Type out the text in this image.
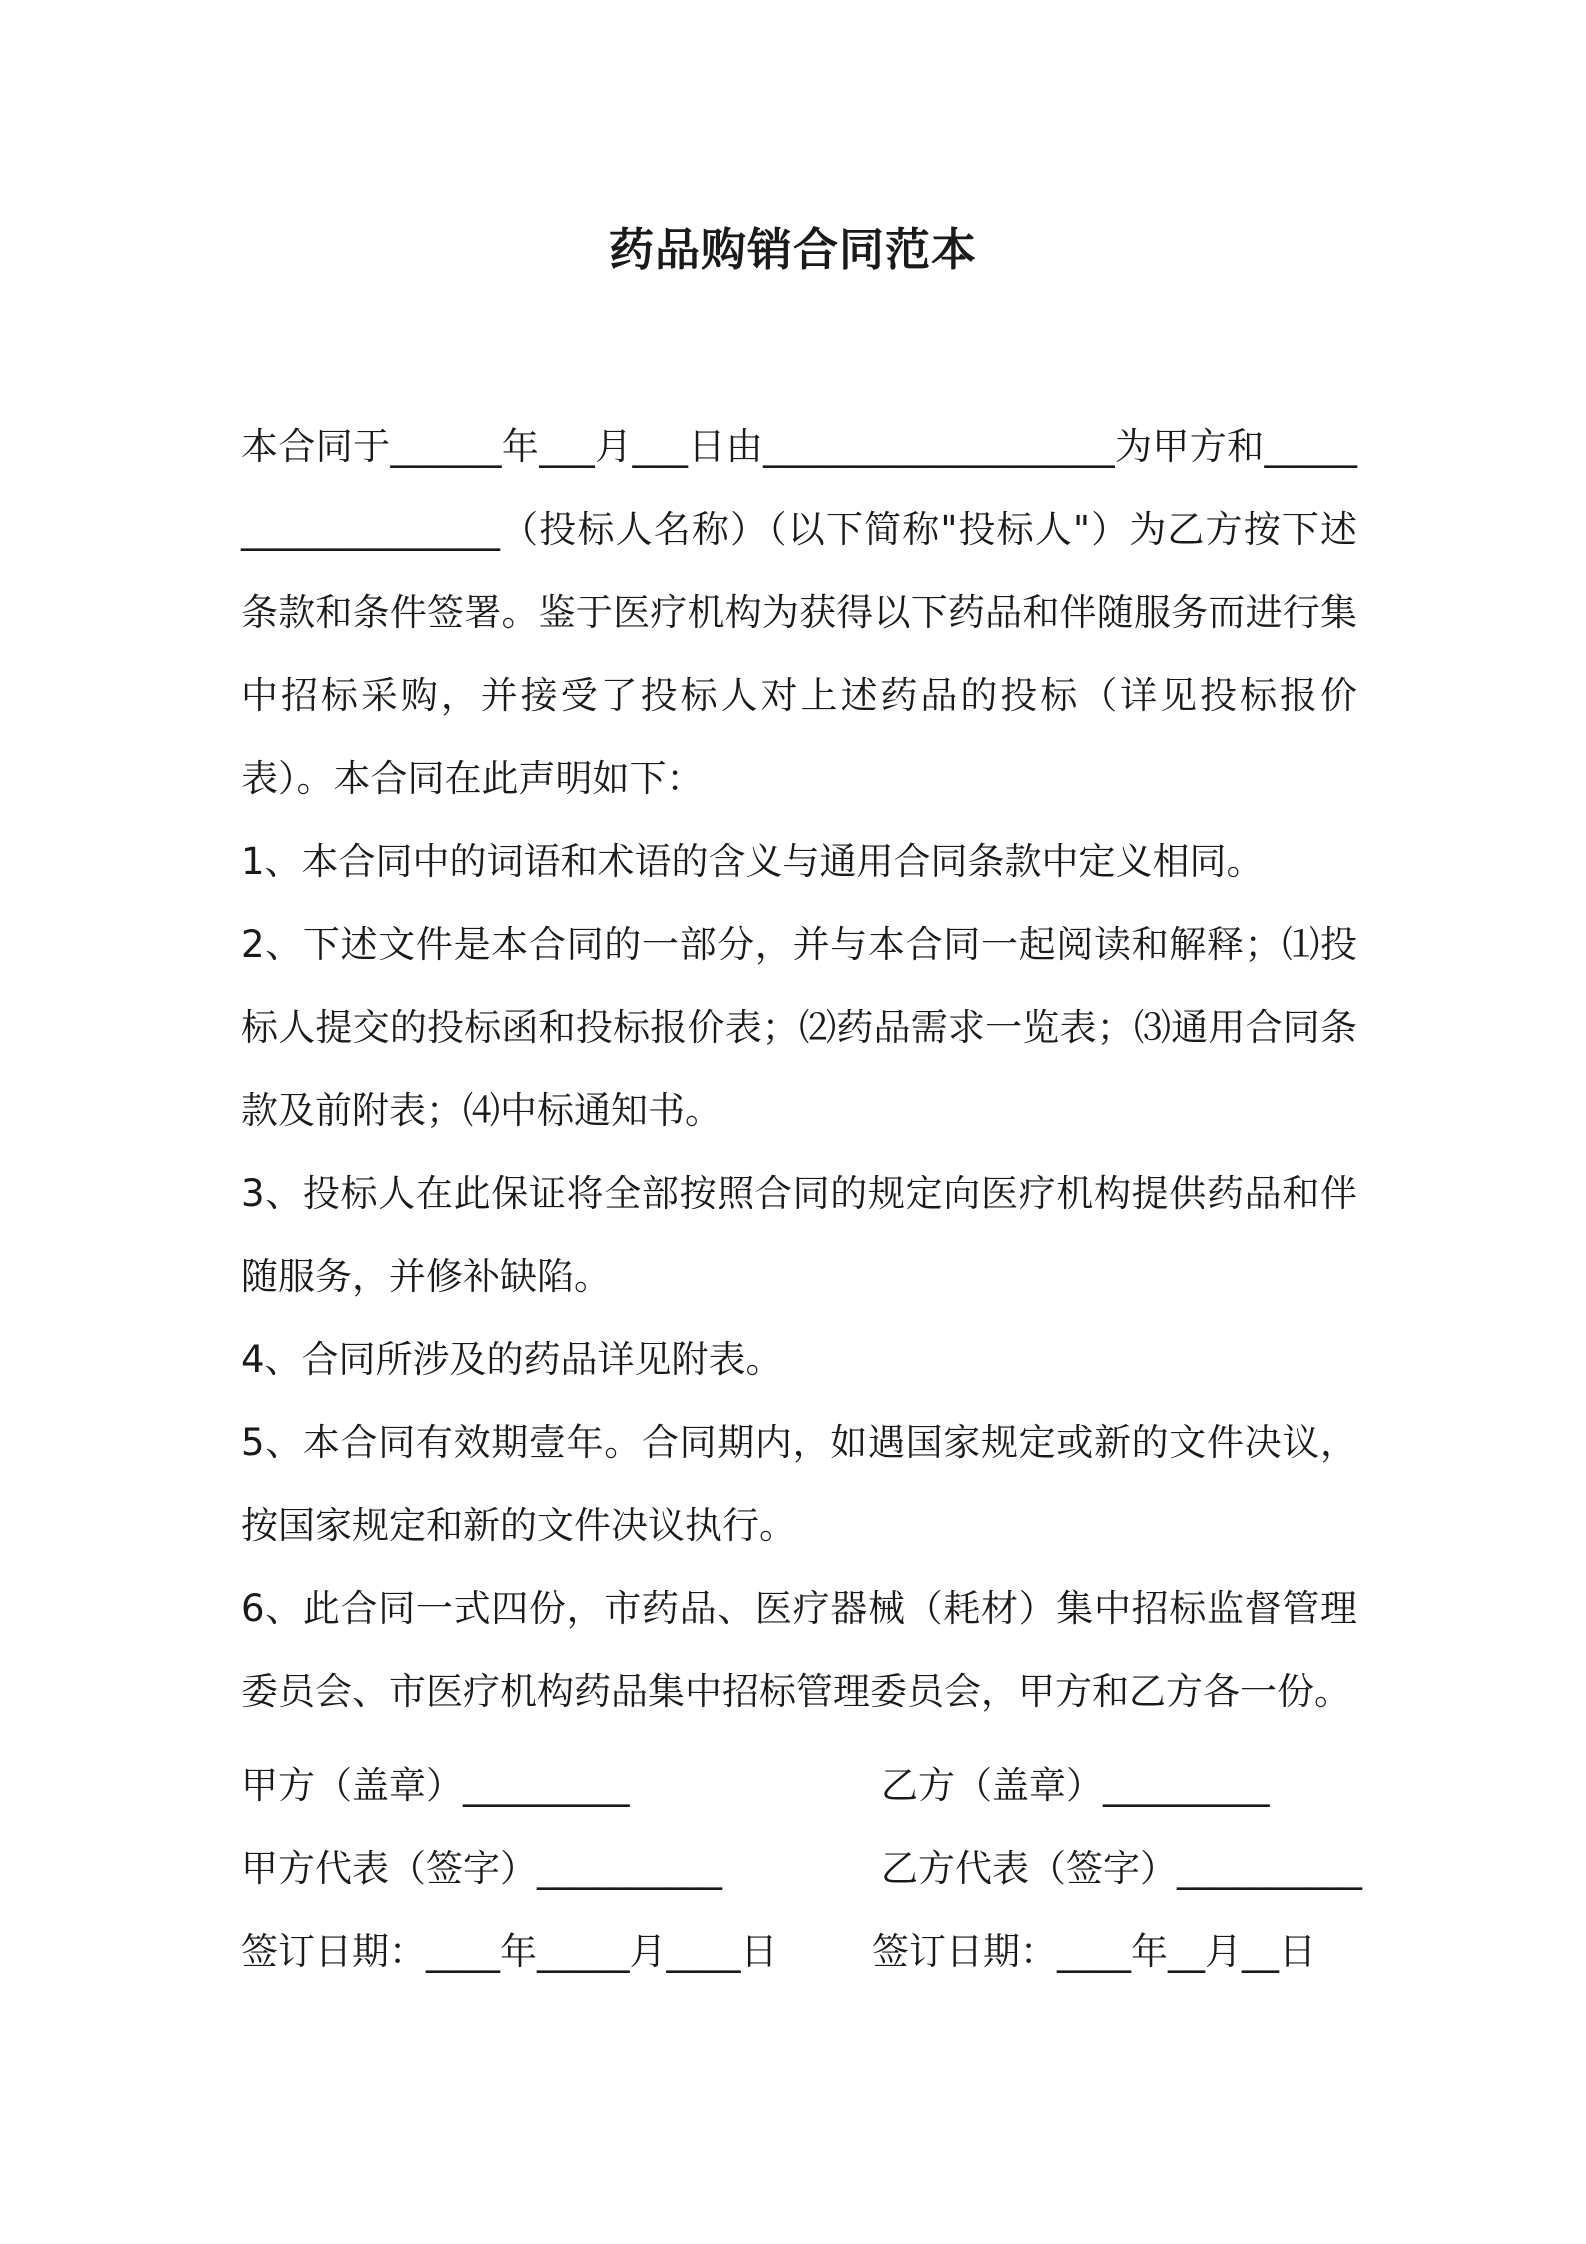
药品购销合同范本

本合同于______年___月___日由___________________为甲方和___________________（投标人名称）（以下简称"投标人"）为乙方按下述条款和条件签署。鉴于医疗机构为获得以下药品和伴随服务而进行集中招标采购，并接受了投标人对上述药品的投标（详见投标报价表）。本合同在此声明如下：

1、本合同中的词语和术语的含义与通用合同条款中定义相同。

2、下述文件是本合同的一部分，并与本合同一起阅读和解释；⑴投标人提交的投标函和投标报价表；⑵药品需求一览表；⑶通用合同条款及前附表；⑷中标通知书。

3、投标人在此保证将全部按照合同的规定向医疗机构提供药品和伴随服务，并修补缺陷。

4、合同所涉及的药品详见附表。

5、本合同有效期壹年。合同期内，如遇国家规定或新的文件决议，按国家规定和新的文件决议执行。

6、此合同一式四份，市药品、医疗器械（耗材）集中招标监督管理委员会、市医疗机构药品集中招标管理委员会，甲方和乙方各一份。

甲方（盖章）_________	乙方（盖章）_________
甲方代表（签字）__________	乙方代表（签字）__________
签订日期：____年_____月____日	签订日期：____年__月__日
